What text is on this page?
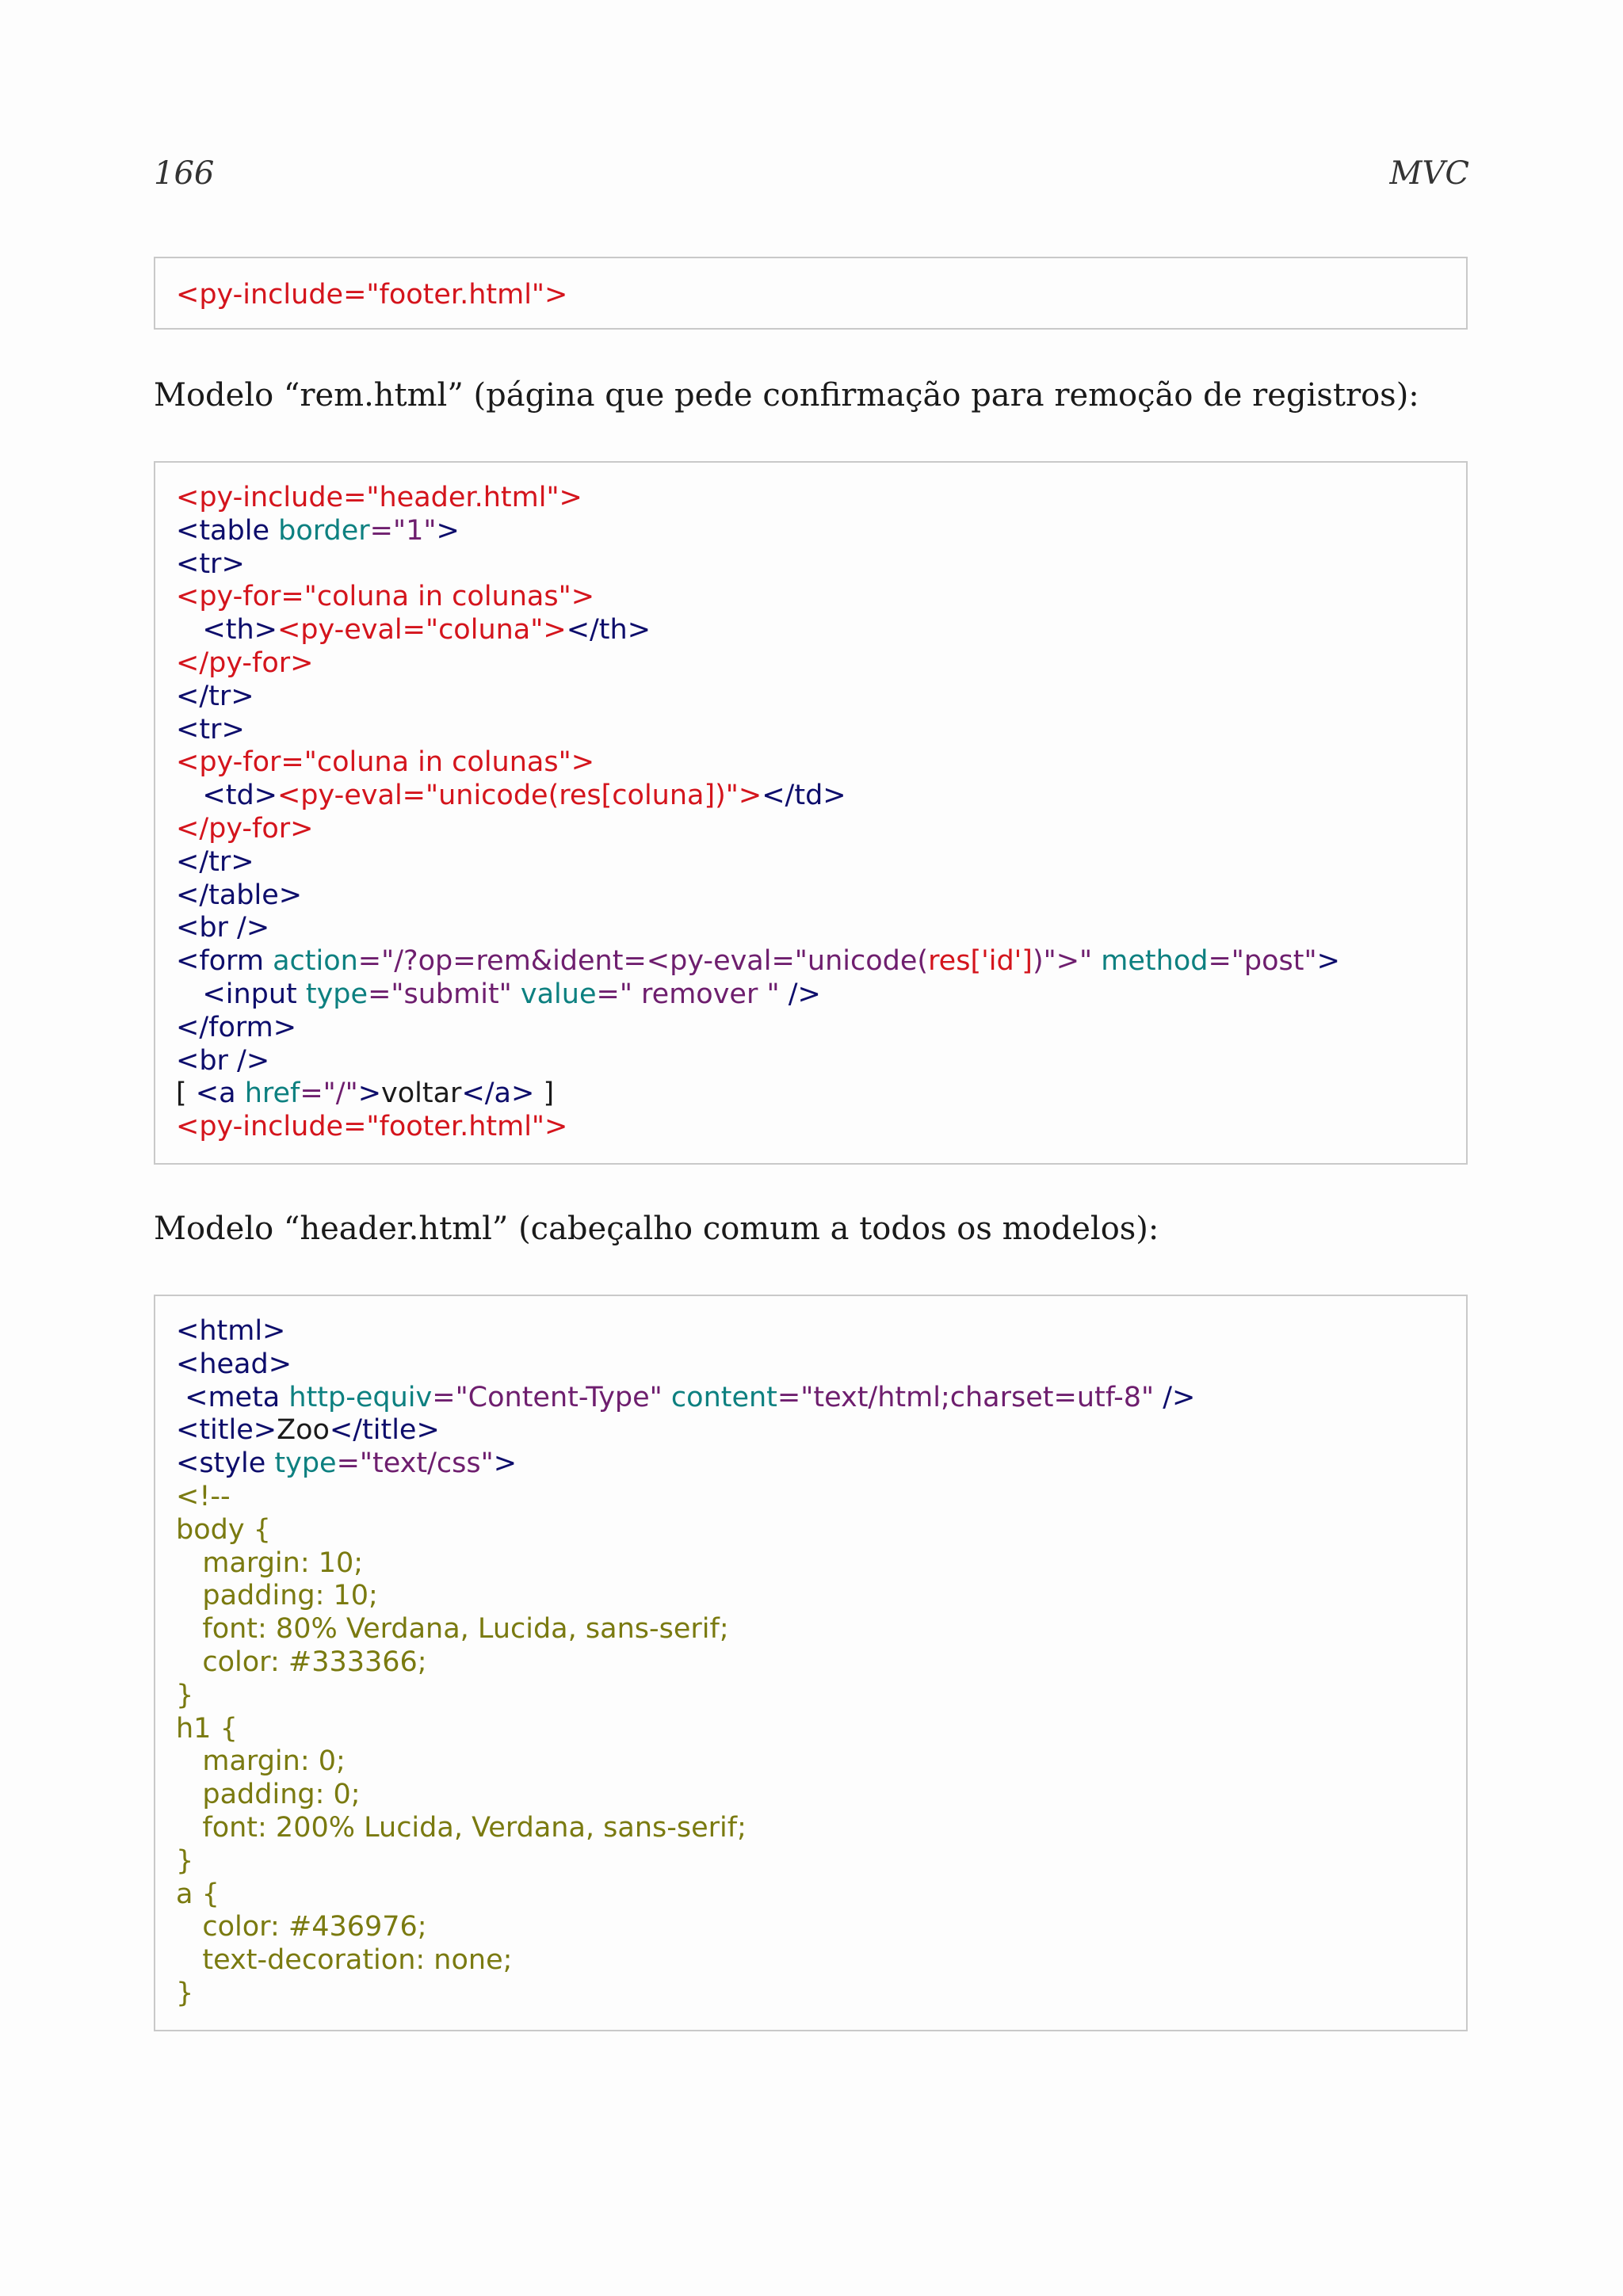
166	MVC
<py-include="footer.html">
Modelo “rem.html” (página que pede confirmação para remoção de registros):
<py-include="header.html">
<table border="1">
<tr>
<py-for="coluna in colunas">
<th><py-eval="coluna"></th>
</py-for>
</tr>
<tr>
<py-for="coluna in colunas">
<td><py-eval="unicode(res[coluna])"></td>
</py-for>
</tr>
</table>
<br />
<form action="/?op=rem&ident=<py-eval="unicode(res['id'])">" method="post">
<input type="submit" value=" remover " />
</form>
<br />
[ <a href="/">voltar</a> ]
<py-include="footer.html">
Modelo “header.html” (cabeçalho comum a todos os modelos):
<html>
<head>
<meta http-equiv="Content-Type" content="text/html;charset=utf-8" />
<title>Zoo</title>
<style type="text/css">
<!--
body {
margin: 10;
padding: 10;
font: 80% Verdana, Lucida, sans-serif;
color: #333366;
}
h1 {
margin: 0;
padding: 0;
font: 200% Lucida, Verdana, sans-serif;
}
a {
color: #436976;
text-decoration: none;
}
